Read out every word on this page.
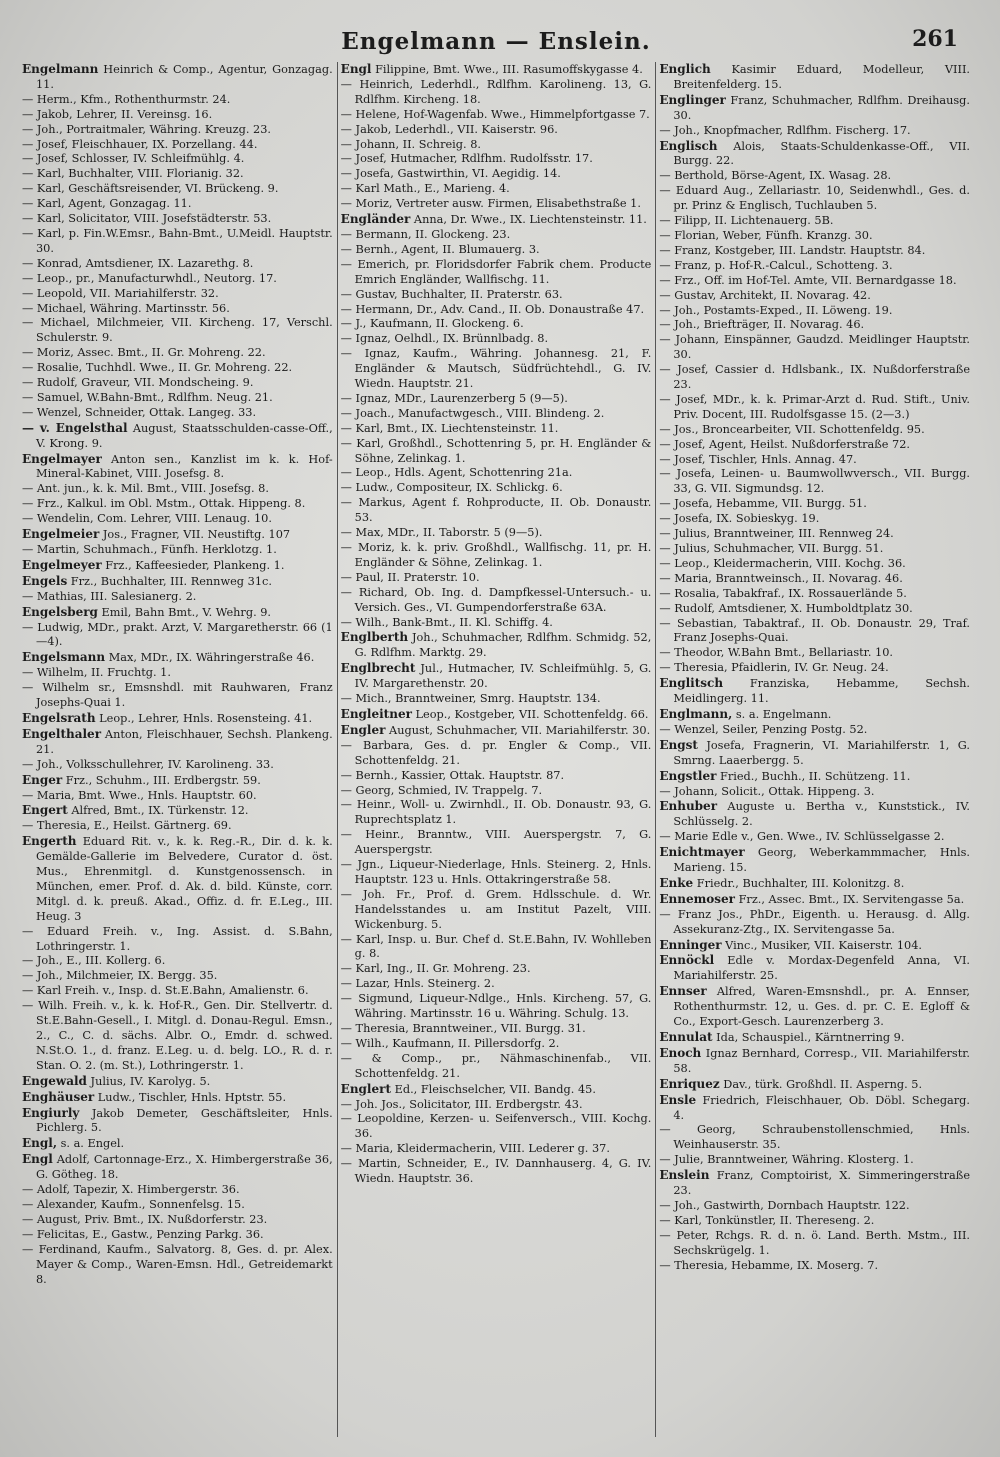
Engelmann — Enslein.	261

Engelmann Heinrich & Comp., Agentur, Gonzagag. 11.

— Herm., Kfm., Rothenthurmstr. 24.

— Jakob, Lehrer, II. Vereinsg. 16.

— Joh., Portraitmaler, Währing. Kreuzg. 23.

— Josef, Fleischhauer, IX. Porzellang. 44.

— Josef, Schlosser, IV. Schleifmühlg. 4.

— Karl, Buchhalter, VIII. Florianig. 32.

— Karl, Geschäftsreisender, VI. Brückeng. 9.

— Karl, Agent, Gonzagag. 11.

— Karl, Solicitator, VIII. Josefstädterstr. 53.

— Karl, p. Fin.W.Emsr., Bahn-Bmt., U.Meidl. Hauptstr. 30.

— Konrad, Amtsdiener, IX. Lazarethg. 8.

— Leop., pr., Manufacturwhdl., Neutorg. 17.

— Leopold, VII. Mariahilferstr. 32.

— Michael, Währing. Martinsstr. 56.

— Michael, Milchmeier, VII. Kircheng. 17, Verschl. Schulerstr. 9.

— Moriz, Assec. Bmt., II. Gr. Mohreng. 22.

— Rosalie, Tuchhdl. Wwe., II. Gr. Mohreng. 22.

— Rudolf, Graveur, VII. Mondscheing. 9.

— Samuel, W.Bahn-Bmt., Rdlfhm. Neug. 21.

— Wenzel, Schneider, Ottak. Langeg. 33.

— v. Engelsthal August, Staatsschulden-casse-Off., V. Krong. 9.

Engelmayer Anton sen., Kanzlist im k. k. Hof-Mineral-Kabinet, VIII. Josefsg. 8.

— Ant. jun., k. k. Mil. Bmt., VIII. Josefsg. 8.

— Frz., Kalkul. im Obl. Mstm., Ottak. Hippeng. 8.

— Wendelin, Com. Lehrer, VIII. Lenaug. 10.

Engelmeier Jos., Fragner, VII. Neustiftg. 107

— Martin, Schuhmach., Fünfh. Herklotzg. 1.

Engelmeyer Frz., Kaffeesieder, Plankeng. 1.

Engels Frz., Buchhalter, III. Rennweg 31c.

— Mathias, III. Salesianerg. 2.

Engelsberg Emil, Bahn Bmt., V. Wehrg. 9.

— Ludwig, MDr., prakt. Arzt, V. Margaretherstr. 66 (1—4).

Engelsmann Max, MDr., IX. Währingerstraße 46.

— Wilhelm, II. Fruchtg. 1.

— Wilhelm sr., Emsnshdl. mit Rauhwaren, Franz Josephs-Quai 1.

Engelsrath Leop., Lehrer, Hnls. Rosensteing. 41.

Engelthaler Anton, Fleischhauer, Sechsh. Plankeng. 21.

— Joh., Volksschullehrer, IV. Karolineng. 33.

Enger Frz., Schuhm., III. Erdbergstr. 59.

— Maria, Bmt. Wwe., Hnls. Hauptstr. 60.

Engert Alfred, Bmt., IX. Türkenstr. 12.

— Theresia, E., Heilst. Gärtnerg. 69.

Engerth Eduard Rit. v., k. k. Reg.-R., Dir. d. k. k. Gemälde-Gallerie im Belvedere, Curator d. öst. Mus., Ehrenmitgl. d. Kunstgenossensch. in München, emer. Prof. d. Ak. d. bild. Künste, corr. Mitgl. d. k. preuß. Akad., Offiz. d. fr. E.Leg., III. Heug. 3

— Eduard Freih. v., Ing. Assist. d. S.Bahn, Lothringerstr. 1.

— Joh., E., III. Kollerg. 6.

— Joh., Milchmeier, IX. Bergg. 35.

— Karl Freih. v., Insp. d. St.E.Bahn, Amalienstr. 6.

— Wilh. Freih. v., k. k. Hof-R., Gen. Dir. Stellvertr. d. St.E.Bahn-Gesell., I. Mitgl. d. Donau-Regul. Emsn., 2., C., C. d. sächs. Albr. O., Emdr. d. schwed. N.St.O. 1., d. franz. E.Leg. u. d. belg. LO., R. d. r. Stan. O. 2. (m. St.), Lothringerstr. 1.

Engewald Julius, IV. Karolyg. 5.

Enghäuser Ludw., Tischler, Hnls. Hptstr. 55.

Engiurly Jakob Demeter, Geschäftsleiter, Hnls. Pichlerg. 5.

Engl, s. a. Engel.

Engl Adolf, Cartonnage-Erz., X. Himbergerstraße 36, G. Götheg. 18.

— Adolf, Tapezir, X. Himbergerstr. 36.

— Alexander, Kaufm., Sonnenfelsg. 15.

— August, Priv. Bmt., IX. Nußdorferstr. 23.

— Felicitas, E., Gastw., Penzing Parkg. 36.

— Ferdinand, Kaufm., Salvatorg. 8, Ges. d. pr. Alex. Mayer & Comp., Waren-Emsn. Hdl., Getreidemarkt 8.

Engl Filippine, Bmt. Wwe., III. Rasumoffskygasse 4.

— Heinrich, Lederhdl., Rdlfhm. Karolineng. 13, G. Rdlfhm. Kircheng. 18.

— Helene, Hof-Wagenfab. Wwe., Himmelpfortgasse 7.

— Jakob, Lederhdl., VII. Kaiserstr. 96.

— Johann, II. Schreig. 8.

— Josef, Hutmacher, Rdlfhm. Rudolfsstr. 17.

— Josefa, Gastwirthin, VI. Aegidig. 14.

— Karl Math., E., Marieng. 4.

— Moriz, Vertreter ausw. Firmen, Elisabethstraße 1.

Engländer Anna, Dr. Wwe., IX. Liechtensteinstr. 11.

— Bermann, II. Glockeng. 23.

— Bernh., Agent, II. Blumauerg. 3.

— Emerich, pr. Floridsdorfer Fabrik chem. Producte Emrich Engländer, Wallfischg. 11.

— Gustav, Buchhalter, II. Praterstr. 63.

— Hermann, Dr., Adv. Cand., II. Ob. Donaustraße 47.

— J., Kaufmann, II. Glockeng. 6.

— Ignaz, Oelhdl., IX. Brünnlbadg. 8.

— Ignaz, Kaufm., Währing. Johannesg. 21, F. Engländer & Mautsch, Südfrüchtehdl., G. IV. Wiedn. Hauptstr. 21.

— Ignaz, MDr., Laurenzerberg 5 (9—5).

— Joach., Manufactwgesch., VIII. Blindeng. 2.

— Karl, Bmt., IX. Liechtensteinstr. 11.

— Karl, Großhdl., Schottenring 5, pr. H. Engländer & Söhne, Zelinkag. 1.

— Leop., Hdls. Agent, Schottenring 21a.

— Ludw., Compositeur, IX. Schlickg. 6.

— Markus, Agent f. Rohproducte, II. Ob. Donaustr. 53.

— Max, MDr., II. Taborstr. 5 (9—5).

— Moriz, k. k. priv. Großhdl., Wallfischg. 11, pr. H. Engländer & Söhne, Zelinkag. 1.

— Paul, II. Praterstr. 10.

— Richard, Ob. Ing. d. Dampfkessel-Untersuch.- u. Versich. Ges., VI. Gumpendorferstraße 63A.

— Wilh., Bank-Bmt., II. Kl. Schiffg. 4.

Englberth Joh., Schuhmacher, Rdlfhm. Schmidg. 52, G. Rdlfhm. Marktg. 29.

Englbrecht Jul., Hutmacher, IV. Schleifmühlg. 5, G. IV. Margarethenstr. 20.

— Mich., Branntweiner, Smrg. Hauptstr. 134.

Engleitner Leop., Kostgeber, VII. Schottenfeldg. 66.

Engler August, Schuhmacher, VII. Mariahilferstr. 30.

— Barbara, Ges. d. pr. Engler & Comp., VII. Schottenfeldg. 21.

— Bernh., Kassier, Ottak. Hauptstr. 87.

— Georg, Schmied, IV. Trappelg. 7.

— Heinr., Woll- u. Zwirnhdl., II. Ob. Donaustr. 93, G. Ruprechtsplatz 1.

— Heinr., Branntw., VIII. Auerspergstr. 7, G. Auerspergstr.

— Jgn., Liqueur-Niederlage, Hnls. Steinerg. 2, Hnls. Hauptstr. 123 u. Hnls. Ottakringerstraße 58.

— Joh. Fr., Prof. d. Grem. Hdlsschule. d. Wr. Handelsstandes u. am Institut Pazelt, VIII. Wickenburg. 5.

— Karl, Insp. u. Bur. Chef d. St.E.Bahn, IV. Wohlleben g. 8.

— Karl, Ing., II. Gr. Mohreng. 23.

— Lazar, Hnls. Steinerg. 2.

— Sigmund, Liqueur-Ndlge., Hnls. Kircheng. 57, G. Währing. Martinsstr. 16 u. Währing. Schulg. 13.

— Theresia, Branntweiner., VII. Burgg. 31.

— Wilh., Kaufmann, II. Pillersdorfg. 2.

— & Comp., pr., Nähmaschinenfab., VII. Schottenfeldg. 21.

Englert Ed., Fleischselcher, VII. Bandg. 45.

— Joh. Jos., Solicitator, III. Erdbergstr. 43.

— Leopoldine, Kerzen- u. Seifenversch., VIII. Kochg. 36.

— Maria, Kleidermacherin, VIII. Lederer g. 37.

— Martin, Schneider, E., IV. Dannhauserg. 4, G. IV. Wiedn. Hauptstr. 36.

Englich Kasimir Eduard, Modelleur, VIII. Breitenfelderg. 15.

Englinger Franz, Schuhmacher, Rdlfhm. Dreihausg. 30.

— Joh., Knopfmacher, Rdlfhm. Fischerg. 17.

Englisch Alois, Staats-Schuldenkasse-Off., VII. Burgg. 22.

— Berthold, Börse-Agent, IX. Wasag. 28.

— Eduard Aug., Zellariastr. 10, Seidenwhdl., Ges. d. pr. Prinz & Englisch, Tuchlauben 5.

— Filipp, II. Lichtenauerg. 5B.

— Florian, Weber, Fünfh. Kranzg. 30.

— Franz, Kostgeber, III. Landstr. Hauptstr. 84.

— Franz, p. Hof-R.-Calcul., Schotteng. 3.

— Frz., Off. im Hof-Tel. Amte, VII. Bernardgasse 18.

— Gustav, Architekt, II. Novarag. 42.

— Joh., Postamts-Exped., II. Löweng. 19.

— Joh., Briefträger, II. Novarag. 46.

— Johann, Einspänner, Gaudzd. Meidlinger Hauptstr. 30.

— Josef, Cassier d. Hdlsbank., IX. Nußdorferstraße 23.

— Josef, MDr., k. k. Primar-Arzt d. Rud. Stift., Univ. Priv. Docent, III. Rudolfsgasse 15. (2—3.)

— Jos., Broncearbeiter, VII. Schottenfeldg. 95.

— Josef, Agent, Heilst. Nußdorferstraße 72.

— Josef, Tischler, Hnls. Annag. 47.

— Josefa, Leinen- u. Baumwollwversch., VII. Burgg. 33, G. VII. Sigmundsg. 12.

— Josefa, Hebamme, VII. Burgg. 51.

— Josefa, IX. Sobieskyg. 19.

— Julius, Branntweiner, III. Rennweg 24.

— Julius, Schuhmacher, VII. Burgg. 51.

— Leop., Kleidermacherin, VIII. Kochg. 36.

— Maria, Branntweinsch., II. Novarag. 46.

— Rosalia, Tabakfraf., IX. Rossauerlände 5.

— Rudolf, Amtsdiener, X. Humboldtplatz 30.

— Sebastian, Tabaktraf., II. Ob. Donaustr. 29, Traf. Franz Josephs-Quai.

— Theodor, W.Bahn Bmt., Bellariastr. 10.

— Theresia, Pfaidlerin, IV. Gr. Neug. 24.

Englitsch Franziska, Hebamme, Sechsh. Meidlingerg. 11.

Englmann, s. a. Engelmann.

— Wenzel, Seiler, Penzing Postg. 52.

Engst Josefa, Fragnerin, VI. Mariahilferstr. 1, G. Smrng. Laaerbergg. 5.

Engstler Fried., Buchh., II. Schützeng. 11.

— Johann, Solicit., Ottak. Hippeng. 3.

Enhuber Auguste u. Bertha v., Kunststick., IV. Schlüsselg. 2.

— Marie Edle v., Gen. Wwe., IV. Schlüsselgasse 2.

Enichtmayer Georg, Weberkammmacher, Hnls. Marieng. 15.

Enke Friedr., Buchhalter, III. Kolonitzg. 8.

Ennemoser Frz., Assec. Bmt., IX. Servitengasse 5a.

— Franz Jos., PhDr., Eigenth. u. Herausg. d. Allg. Assekuranz-Ztg., IX. Servitengasse 5a.

Enninger Vinc., Musiker, VII. Kaiserstr. 104.

Ennöckl Edle v. Mordax-Degenfeld Anna, VI. Mariahilferstr. 25.

Ennser Alfred, Waren-Emsnshdl., pr. A. Ennser, Rothenthurmstr. 12, u. Ges. d. pr. C. E. Egloff & Co., Export-Gesch. Laurenzerberg 3.

Ennulat Ida, Schauspiel., Kärntnerring 9.

Enoch Ignaz Bernhard, Corresp., VII. Mariahilferstr. 58.

Enriquez Dav., türk. Großhdl. II. Asperng. 5.

Ensle Friedrich, Fleischhauer, Ob. Döbl. Schegarg. 4.

— Georg, Schraubenstollenschmied, Hnls. Weinhauserstr. 35.

— Julie, Branntweiner, Währing. Klosterg. 1.

Enslein Franz, Comptoirist, X. Simmeringerstraße 23.

— Joh., Gastwirth, Dornbach Hauptstr. 122.

— Karl, Tonkünstler, II. Thereseng. 2.

— Peter, Rchgs. R. d. n. ö. Land. Berth. Mstm., III. Sechskrügelg. 1.

— Theresia, Hebamme, IX. Moserg. 7.
